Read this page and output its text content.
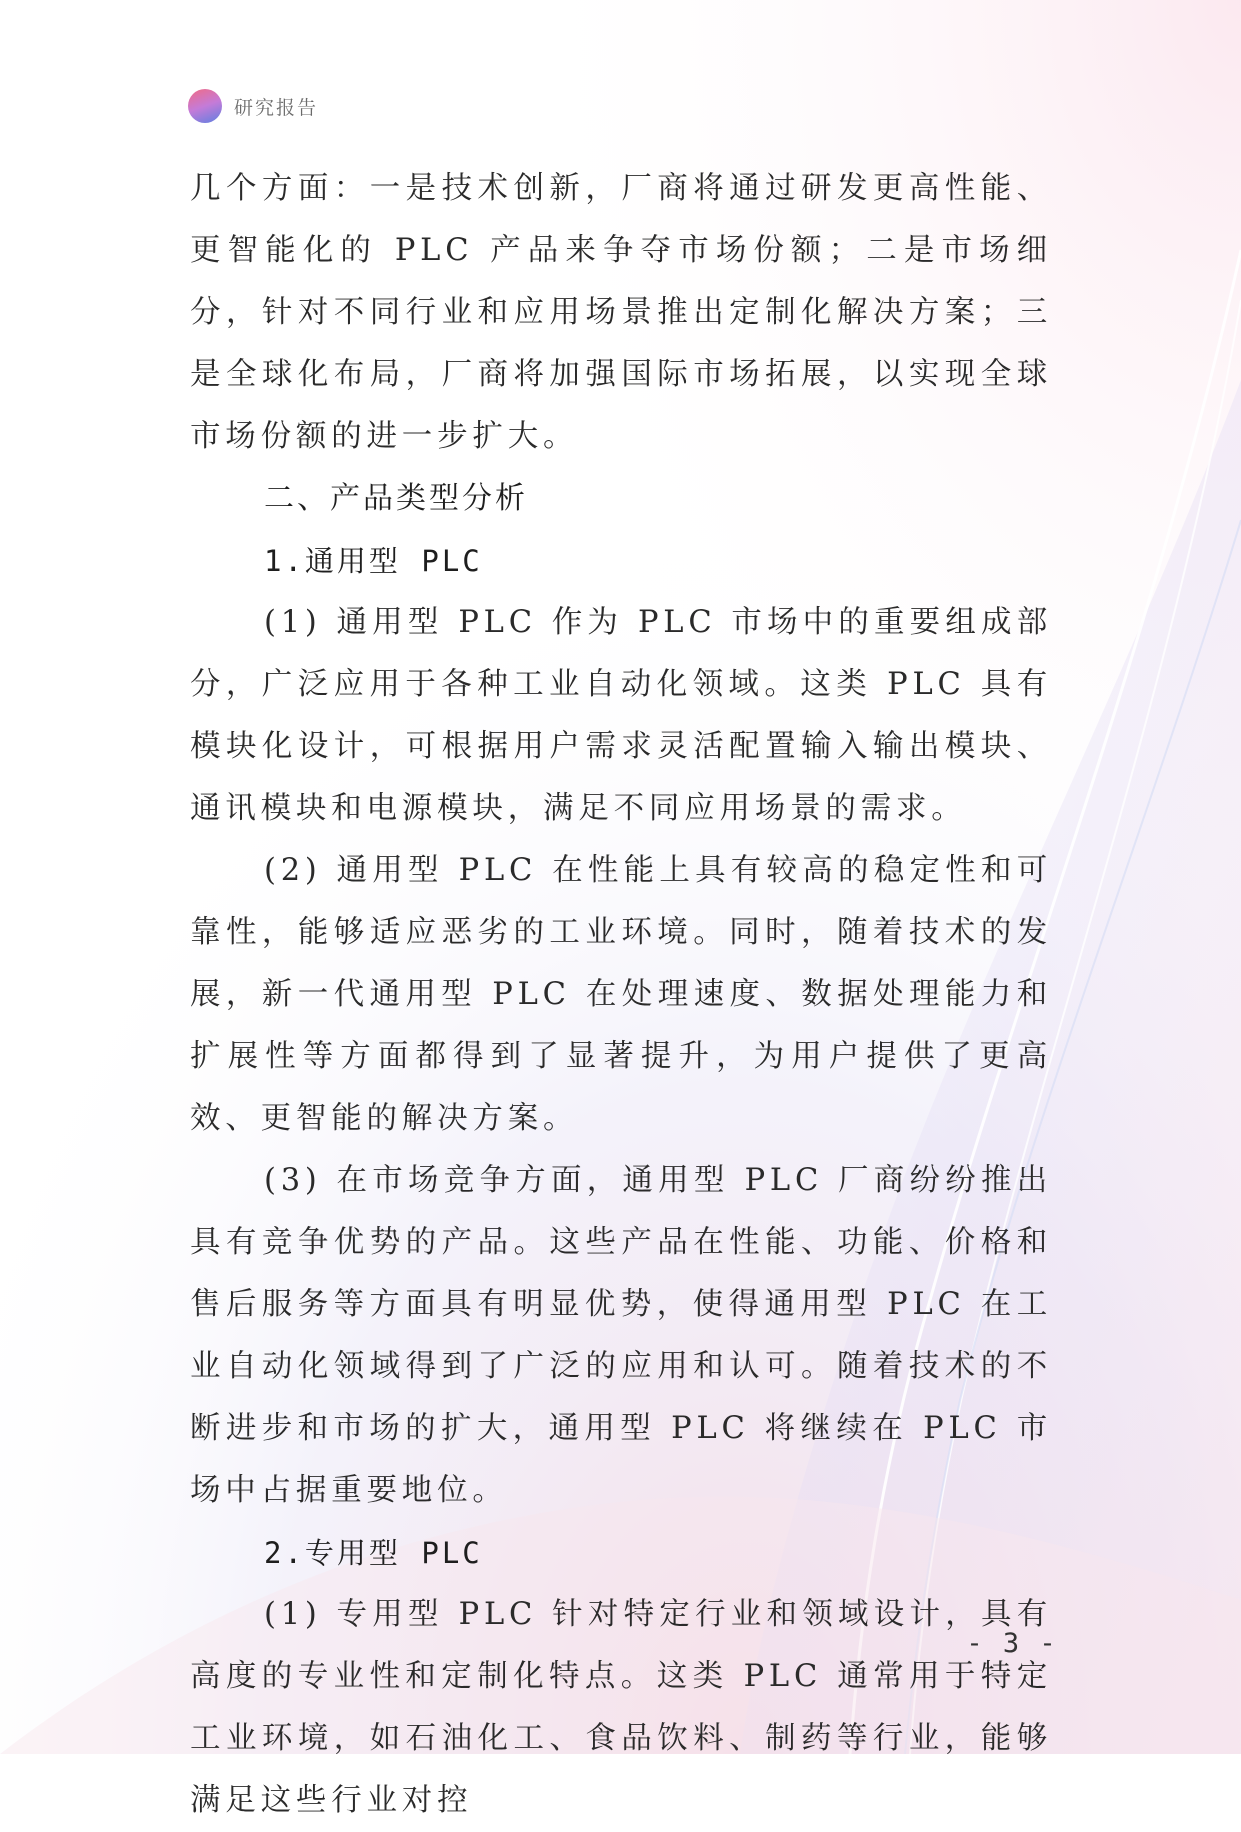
研究报告

几个方面：一是技术创新，厂商将通过研发更高性能、更智能化的 PLC 产品来争夺市场份额；二是市场细分，针对不同行业和应用场景推出定制化解决方案；三是全球化布局，厂商将加强国际市场拓展，以实现全球市场份额的进一步扩大。

二、产品类型分析

1.通用型 PLC

(1) 通用型 PLC 作为 PLC 市场中的重要组成部分，广泛应用于各种工业自动化领域。这类 PLC 具有模块化设计，可根据用户需求灵活配置输入输出模块、通讯模块和电源模块，满足不同应用场景的需求。

(2) 通用型 PLC 在性能上具有较高的稳定性和可靠性，能够适应恶劣的工业环境。同时，随着技术的发展，新一代通用型 PLC 在处理速度、数据处理能力和扩展性等方面都得到了显著提升，为用户提供了更高效、更智能的解决方案。

(3) 在市场竞争方面，通用型 PLC 厂商纷纷推出具有竞争优势的产品。这些产品在性能、功能、价格和售后服务等方面具有明显优势，使得通用型 PLC 在工业自动化领域得到了广泛的应用和认可。随着技术的不断进步和市场的扩大，通用型 PLC 将继续在 PLC 市场中占据重要地位。

2.专用型 PLC

(1) 专用型 PLC 针对特定行业和领域设计，具有高度的专业性和定制化特点。这类 PLC 通常用于特定工业环境，如石油化工、食品饮料、制药等行业，能够满足这些行业对控

- 3 -
